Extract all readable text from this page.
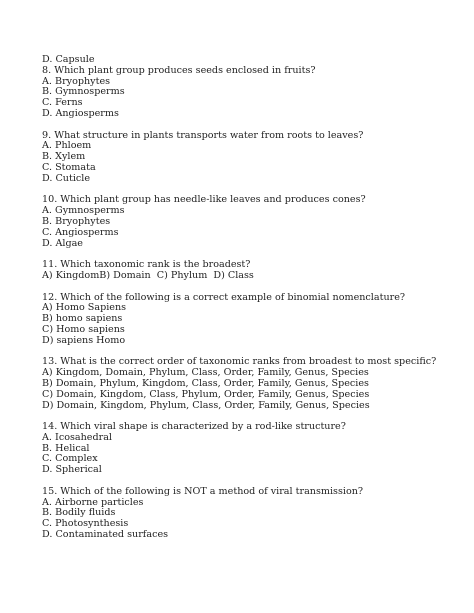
D. Capsule
8. Which plant group produces seeds enclosed in fruits?
A. Bryophytes
B. Gymnosperms
C. Ferns
D. Angiosperms
9. What structure in plants transports water from roots to leaves?
A. Phloem
B. Xylem
C. Stomata
D. Cuticle
10. Which plant group has needle-like leaves and produces cones?
A. Gymnosperms
B. Bryophytes
C. Angiosperms
D. Algae
11. Which taxonomic rank is the broadest?
A) KingdomB) Domain  C) Phylum  D) Class
12. Which of the following is a correct example of binomial nomenclature?
A) Homo Sapiens
B) homo sapiens
C) Homo sapiens
D) sapiens Homo
13. What is the correct order of taxonomic ranks from broadest to most specific?
A) Kingdom, Domain, Phylum, Class, Order, Family, Genus, Species
B) Domain, Phylum, Kingdom, Class, Order, Family, Genus, Species
C) Domain, Kingdom, Class, Phylum, Order, Family, Genus, Species
D) Domain, Kingdom, Phylum, Class, Order, Family, Genus, Species
14. Which viral shape is characterized by a rod-like structure?
A. Icosahedral
B. Helical
C. Complex
D. Spherical
15. Which of the following is NOT a method of viral transmission?
A. Airborne particles
B. Bodily fluids
C. Photosynthesis
D. Contaminated surfaces
